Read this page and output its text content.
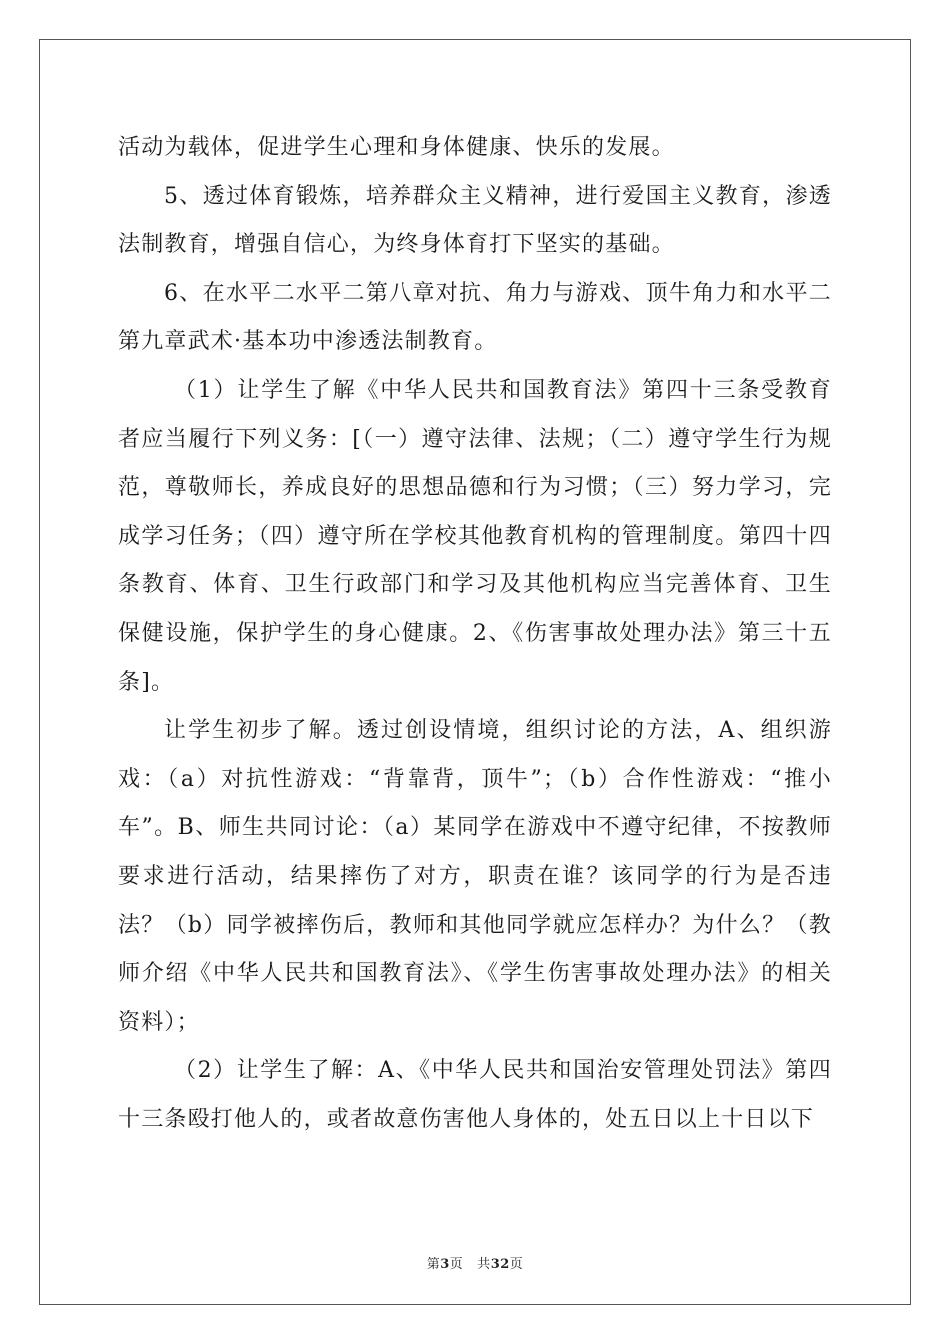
活动为载体，促进学生心理和身体健康、快乐的发展。

5、透过体育锻炼，培养群众主义精神，进行爱国主义教育，渗透法制教育，增强自信心，为终身体育打下坚实的基础。

6、在水平二水平二第八章对抗、角力与游戏、顶牛角力和水平二第九章武术·基本功中渗透法制教育。

（1）让学生了解《中华人民共和国教育法》第四十三条受教育者应当履行下列义务：[（一）遵守法律、法规；（二）遵守学生行为规范，尊敬师长，养成良好的思想品德和行为习惯；（三）努力学习，完成学习任务；（四）遵守所在学校其他教育机构的管理制度。第四十四条教育、体育、卫生行政部门和学习及其他机构应当完善体育、卫生保健设施，保护学生的身心健康。2、《伤害事故处理办法》第三十五条]。

让学生初步了解。透过创设情境，组织讨论的方法，A、组织游戏：（a）对抗性游戏：“背靠背，顶牛”；（b）合作性游戏：“推小车”。B、师生共同讨论：（a）某同学在游戏中不遵守纪律，不按教师要求进行活动，结果摔伤了对方，职责在谁？该同学的行为是否违法？（b）同学被摔伤后，教师和其他同学就应怎样办？为什么？（教师介绍《中华人民共和国教育法》、《学生伤害事故处理办法》的相关资料）；

（2）让学生了解：A、《中华人民共和国治安管理处罚法》第四十三条殴打他人的，或者故意伤害他人身体的，处五日以上十日以下

第3页 共32页
